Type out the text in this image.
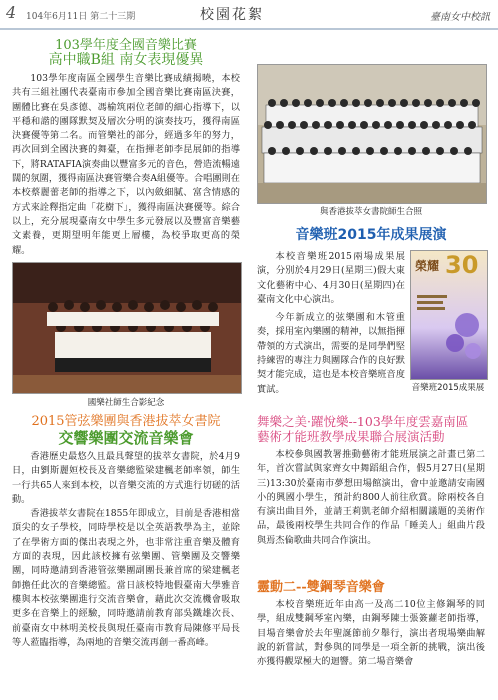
4 104年6月11日 第二十三期	校園花絮	臺南女中校訊

103學年度全國音樂比賽

高中職B組 南女表現優異

103學年度南區全國學生音樂比賽成績揭曉，本校共有三組社團代表臺南市參加全國音樂比賽南區決賽，團體比賽在吳彥德、馮榆筑兩位老師的細心指導下，以平穩和諧的團隊默契及層次分明的演奏技巧，獲得南區決賽優等第二名。而管樂社的部分，經過多年的努力，再次回到全國決賽的舞臺，在指揮老師李昆展師的指導下，將RATAFIA演奏曲以豐富多元的音色，營造流暢遠闊的氛圍，獲得南區決賽管樂合奏A組優等。合唱團則在本校蔡麗蕾老師的指導之下，以內斂細膩、富含情感的方式來詮釋指定曲「花樹下」，獲得南區決賽優等。綜合以上，充分展現臺南女中學生多元發展以及豐富音樂藝文素養，更期望明年能更上層樓，為校爭取更高的榮耀。

與香港拔萃女書院師生合照

音樂班2015年成果展演

本校音樂班2015兩場成果展演，分別於4月29日(星期三)假大東文化藝術中心、4月30日(星期四)在臺南文化中心演出。

今年新成立的弦樂團和木管重奏，採用室內樂團的精神，以無指揮帶領的方式演出，需要的是同學們堅持練習的專注力與團隊合作的良好默契才能完成，這也是本校音樂班音度實試。

榮耀 30
音樂班2015成果展
國樂社師生合影紀念

2015管弦樂團與香港拔萃女書院

交響樂團交流音樂會

香港歷史最悠久且最具聲望的拔萃女書院，於4月9日，由劉斯麗姮校長及音樂總監梁建楓老師率領，師生一行共65人來到本校，以音樂交流的方式進行切磋的活動。

香港拔萃女書院在1855年即成立，目前是香港相當頂尖的女子學校，同時學校是以全英語教學為主，並除了在學術方面的傑出表現之外，也非常注重音樂及體育方面的表現，因此該校擁有弦樂團、管樂團及交響樂團，同時邀請到香港管弦樂團副團長兼首席的梁建楓老師擔任此次的音樂總監。當日該校特地假臺南大學雅音樓與本校弦樂團進行交流音樂會，藉此次交流機會吸取更多在音樂上的經驗，同時邀請前教育部吳鐵雄次長、前臺南女中林明美校長與現任臺南市教育局陳修平局長等人蒞臨指導，為兩地的音樂交流再創一番高峰。

舞樂之美·躍悅樂--103學年度雲嘉南區

藝術才能班教學成果聯合展演活動

本校參與國教署推動藝術才能班展演之計畫已第二年，首次嘗試與家齊女中舞蹈組合作，假5月27日(星期三)13:30於臺南市夢想田場館演出，會中並邀請安南國小的興國小學生，預計約800人前往欣賞。除兩校各自有演出曲目外，並請王莉凱老師介紹相關議題的美術作品，最後兩校學生共同合作的作品「睡美人」組曲片段與焉杰倫歌曲共同合作演出。

靈動二--雙鋼琴音樂會

本校音樂班近年由高一及高二10位主修鋼琴的同學，組成雙鋼琴室內樂，由鋼琴陳士張簽蘿老師指導，目場音樂會於去年聖誕節前夕舉行，演出者現場樂曲解說的新嘗試，對參與的同學是一項全新的挑戰，演出後亦獲得觀眾極大的迴響。第二場音樂會
